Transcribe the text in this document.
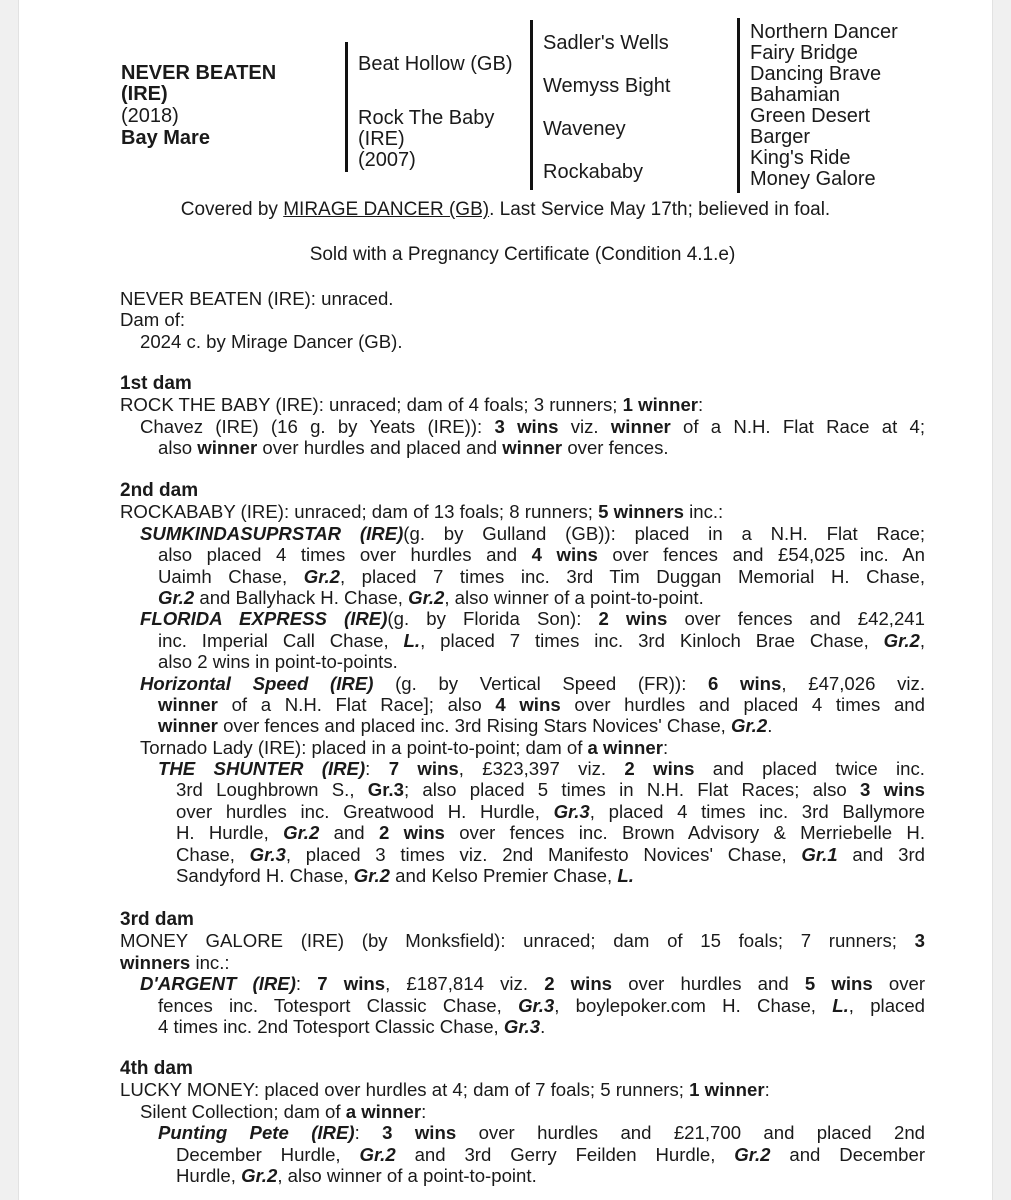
NEVER BEATEN
(IRE)
(2018)
Bay Mare
Beat Hollow (GB)
Rock The Baby
(IRE)
(2007)
Sadler's Wells
Wemyss Bight
Waveney
Rockababy
Northern Dancer
Fairy Bridge
Dancing Brave
Bahamian
Green Desert
Barger
King's Ride
Money Galore
Covered by MIRAGE DANCER (GB). Last Service May 17th; believed in foal.
Sold with a Pregnancy Certificate (Condition 4.1.e)
NEVER BEATEN (IRE): unraced.
Dam of:
2024 c. by Mirage Dancer (GB).
1st dam
ROCK THE BABY (IRE): unraced; dam of 4 foals; 3 runners; 1 winner:
Chavez (IRE) (16 g. by Yeats (IRE)): 3 wins viz. winner of a N.H. Flat Race at 4;
also winner over hurdles and placed and winner over fences.
2nd dam
ROCKABABY (IRE): unraced; dam of 13 foals; 8 runners; 5 winners inc.:
SUMKINDASUPRSTAR (IRE)(g. by Gulland (GB)): placed in a N.H. Flat Race;
also placed 4 times over hurdles and 4 wins over fences and £54,025 inc. An
Uaimh Chase, Gr.2, placed 7 times inc. 3rd Tim Duggan Memorial H. Chase,
Gr.2 and Ballyhack H. Chase, Gr.2, also winner of a point-to-point.
FLORIDA EXPRESS (IRE)(g. by Florida Son): 2 wins over fences and £42,241
inc. Imperial Call Chase, L., placed 7 times inc. 3rd Kinloch Brae Chase, Gr.2,
also 2 wins in point-to-points.
Horizontal Speed (IRE) (g. by Vertical Speed (FR)): 6 wins, £47,026 viz.
winner of a N.H. Flat Race]; also 4 wins over hurdles and placed 4 times and
winner over fences and placed inc. 3rd Rising Stars Novices' Chase, Gr.2.
Tornado Lady (IRE): placed in a point-to-point; dam of a winner:
THE SHUNTER (IRE): 7 wins, £323,397 viz. 2 wins and placed twice inc.
3rd Loughbrown S., Gr.3; also placed 5 times in N.H. Flat Races; also 3 wins
over hurdles inc. Greatwood H. Hurdle, Gr.3, placed 4 times inc. 3rd Ballymore
H. Hurdle, Gr.2 and 2 wins over fences inc. Brown Advisory & Merriebelle H.
Chase, Gr.3, placed 3 times viz. 2nd Manifesto Novices' Chase, Gr.1 and 3rd
Sandyford H. Chase, Gr.2 and Kelso Premier Chase, L.
3rd dam
MONEY GALORE (IRE) (by Monksfield): unraced; dam of 15 foals; 7 runners; 3
winners inc.:
D'ARGENT (IRE): 7 wins, £187,814 viz. 2 wins over hurdles and 5 wins over
fences inc. Totesport Classic Chase, Gr.3, boylepoker.com H. Chase, L., placed
4 times inc. 2nd Totesport Classic Chase, Gr.3.
4th dam
LUCKY MONEY: placed over hurdles at 4; dam of 7 foals; 5 runners; 1 winner:
Silent Collection; dam of a winner:
Punting Pete (IRE): 3 wins over hurdles and £21,700 and placed 2nd
December Hurdle, Gr.2 and 3rd Gerry Feilden Hurdle, Gr.2 and December
Hurdle, Gr.2, also winner of a point-to-point.
